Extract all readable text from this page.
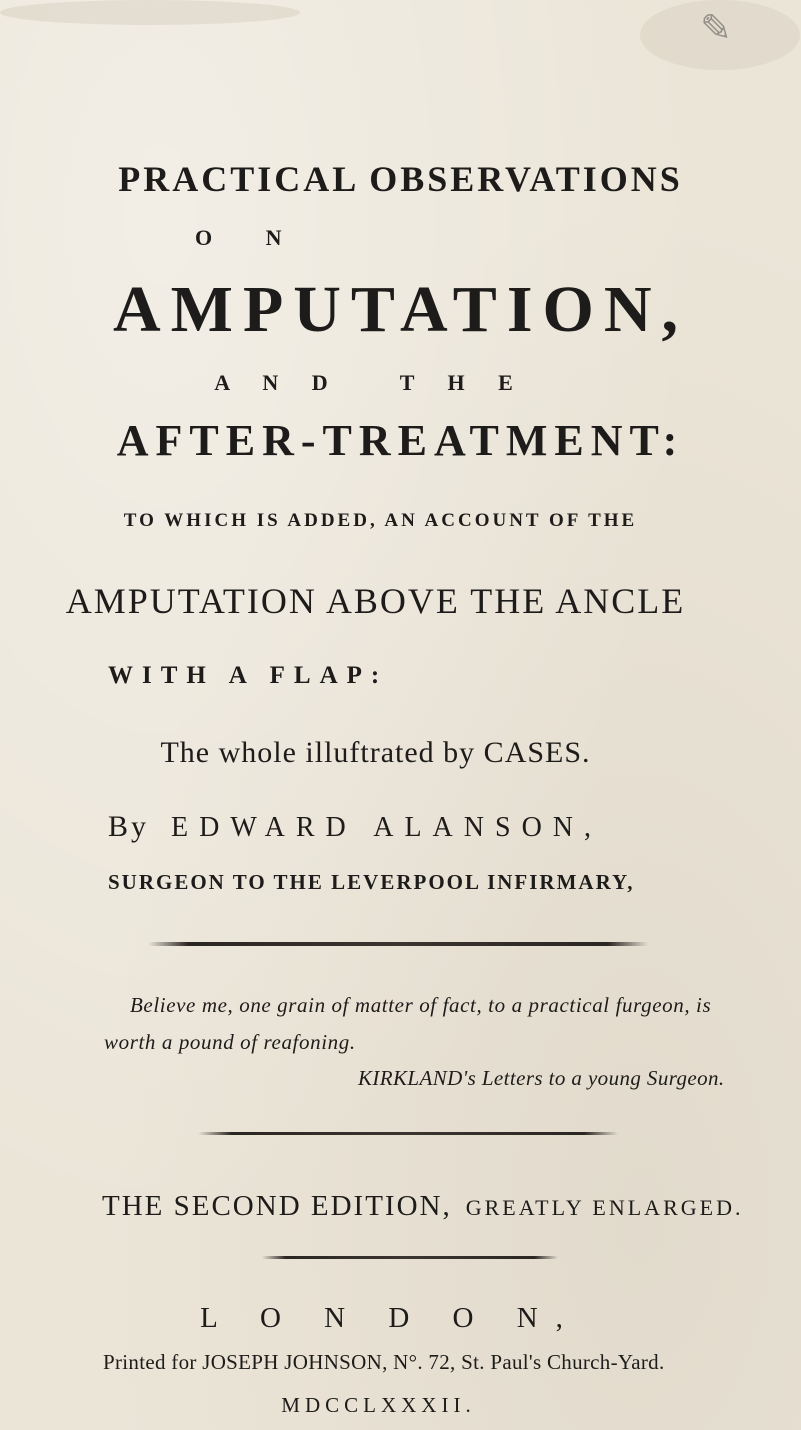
✎
PRACTICAL OBSERVATIONS
O N
AMPUTATION,
A N D   T H E
AFTER-TREATMENT:
TO WHICH IS ADDED, AN ACCOUNT OF THE
AMPUTATION ABOVE THE ANCLE
WITH A FLAP:
The whole illuftrated by CASES.
By EDWARD ALANSON,
SURGEON TO THE LEVERPOOL INFIRMARY,
Believe me, one grain of matter of fact, to a practical furgeon, is
worth a pound of reafoning.
KIRKLAND's Letters to a young Surgeon.
THE SECOND EDITION, GREATLY ENLARGED.
L O N D O N,
Printed for JOSEPH JOHNSON, N°. 72, St. Paul's Church-Yard.
MDCCLXXXII.
